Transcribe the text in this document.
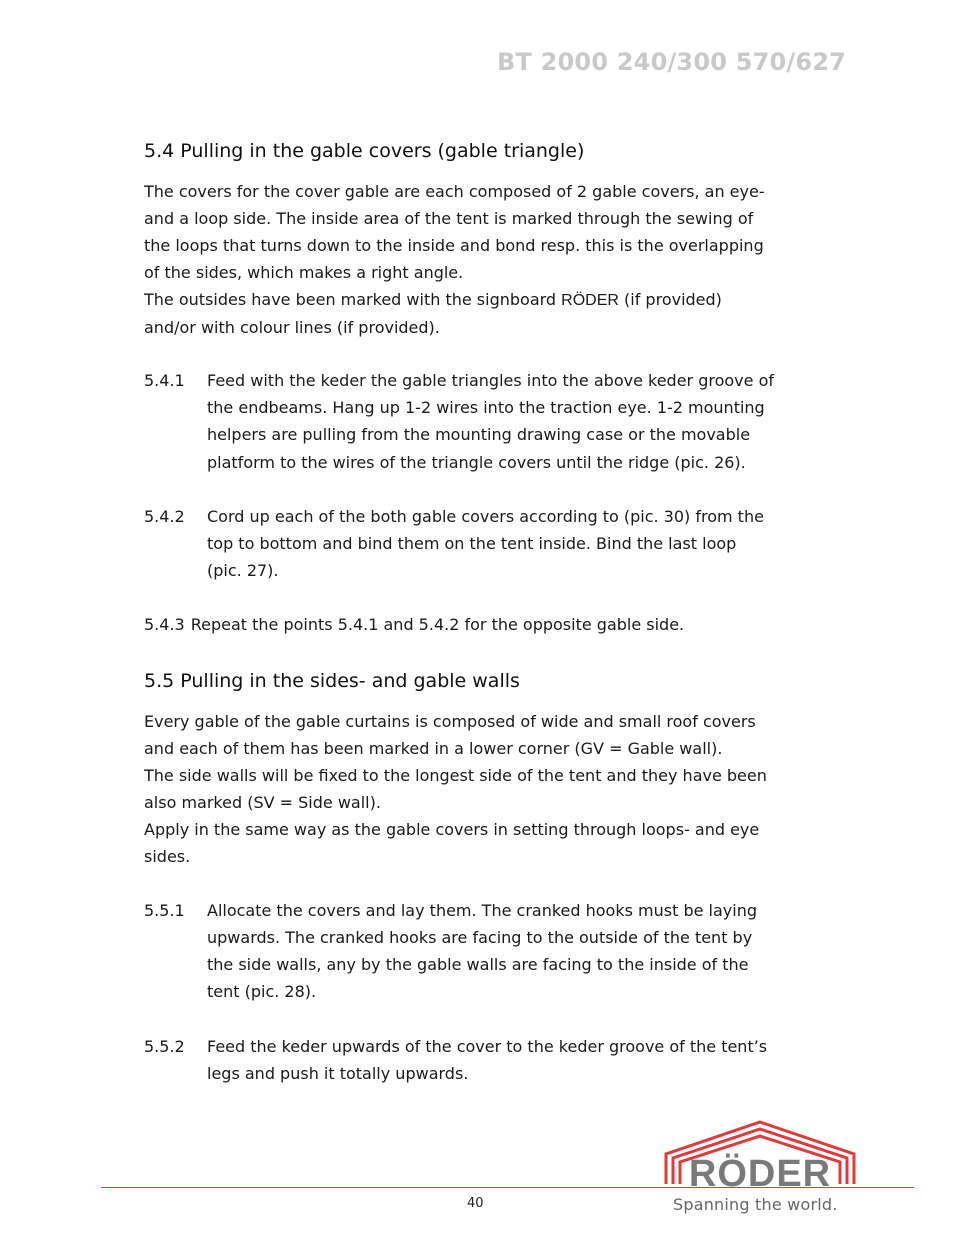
BT 2000 240/300 570/627
5.4 Pulling in the gable covers (gable triangle)

The covers for the cover gable are each composed of 2 gable covers, an eye-
and a loop side. The inside area of the tent is marked through the sewing of
the loops that turns down to the inside and bond resp. this is the overlapping
of the sides, which makes a right angle.
The outsides have been marked with the signboard RÖDER (if provided)
and/or with colour lines (if provided).

5.4.1 Feed with the keder the gable triangles into the above keder groove of
the endbeams. Hang up 1-2 wires into the traction eye. 1-2 mounting
helpers are pulling from the mounting drawing case or the movable
platform to the wires of the triangle covers until the ridge (pic. 26).
5.4.2 Cord up each of the both gable covers according to (pic. 30) from the
top to bottom and bind them on the tent inside. Bind the last loop
(pic. 27).
5.4.3 Repeat the points 5.4.1 and 5.4.2 for the opposite gable side.
5.5 Pulling in the sides- and gable walls

Every gable of the gable curtains is composed of wide and small roof covers
and each of them has been marked in a lower corner (GV = Gable wall).
The side walls will be fixed to the longest side of the tent and they have been
also marked (SV = Side wall).
Apply in the same way as the gable covers in setting through loops- and eye
sides.

5.5.1 Allocate the covers and lay them. The cranked hooks must be laying
upwards. The cranked hooks are facing to the outside of the tent by
the side walls, any by the gable walls are facing to the inside of the
tent (pic. 28).
5.5.2 Feed the keder upwards of the cover to the keder groove of the tent’s
legs and push it totally upwards.
40
RÖDER
Spanning the world.
